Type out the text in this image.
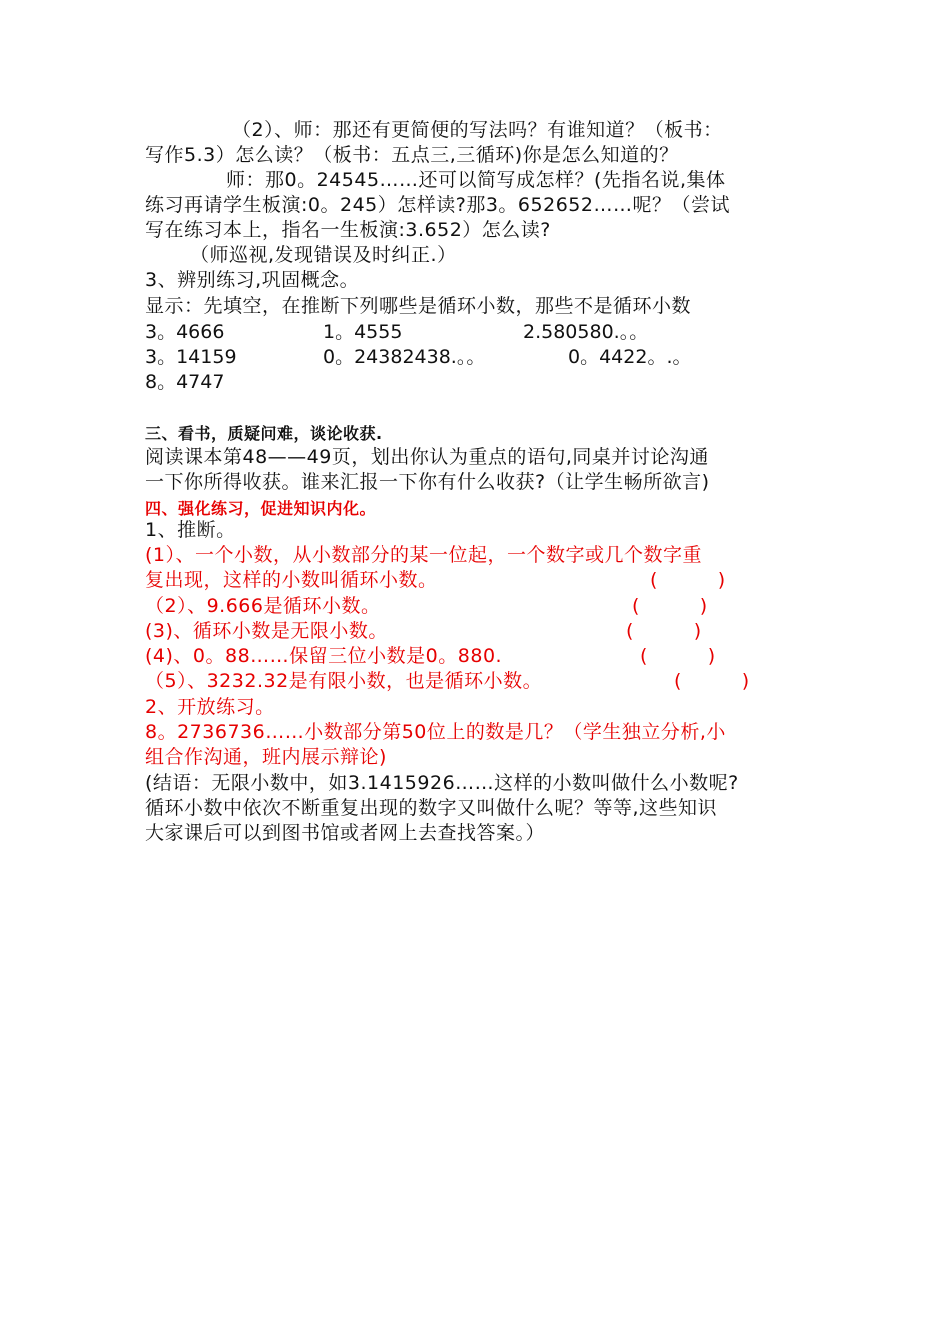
（2）、师：那还有更简便的写法吗？有谁知道？（板书：
写作5.3）怎么读？（板书：五点三,三循环)你是怎么知道的？
师：那0。24545……还可以简写成怎样？(先指名说,集体
练习再请学生板演:0。245）怎样读?那3。652652……呢？（尝试
写在练习本上，指名一生板演:3.652）怎么读?
（师巡视,发现错误及时纠正.）
3、辨别练习,巩固概念。
显示：先填空，在推断下列哪些是循环小数，那些不是循环小数
3。4666	1。4555	2.580580.。。
3。14159	0。24382438.。。	0。4422。.。
8。4747
三、看书，质疑问难，谈论收获.
阅读课本第48——49页，划出你认为重点的语句,同桌并讨论沟通
一下你所得收获。谁来汇报一下你有什么收获?（让学生畅所欲言)
四、强化练习，促进知识内化。
1、推断。
(1）、一个小数，从小数部分的某一位起，一个数字或几个数字重
复出现，这样的小数叫循环小数。	(          )
（2）、9.666是循环小数。	(          )
(3)、循环小数是无限小数。	(          )
(4)、0。88……保留三位小数是0。880.	(          )
（5）、3232.32是有限小数，也是循环小数。	(          )
2、开放练习。
8。2736736……小数部分第50位上的数是几？（学生独立分析,小
组合作沟通，班内展示辩论)
(结语：无限小数中，如3.1415926……这样的小数叫做什么小数呢?
循环小数中依次不断重复出现的数字又叫做什么呢？等等,这些知识
大家课后可以到图书馆或者网上去查找答案。）
